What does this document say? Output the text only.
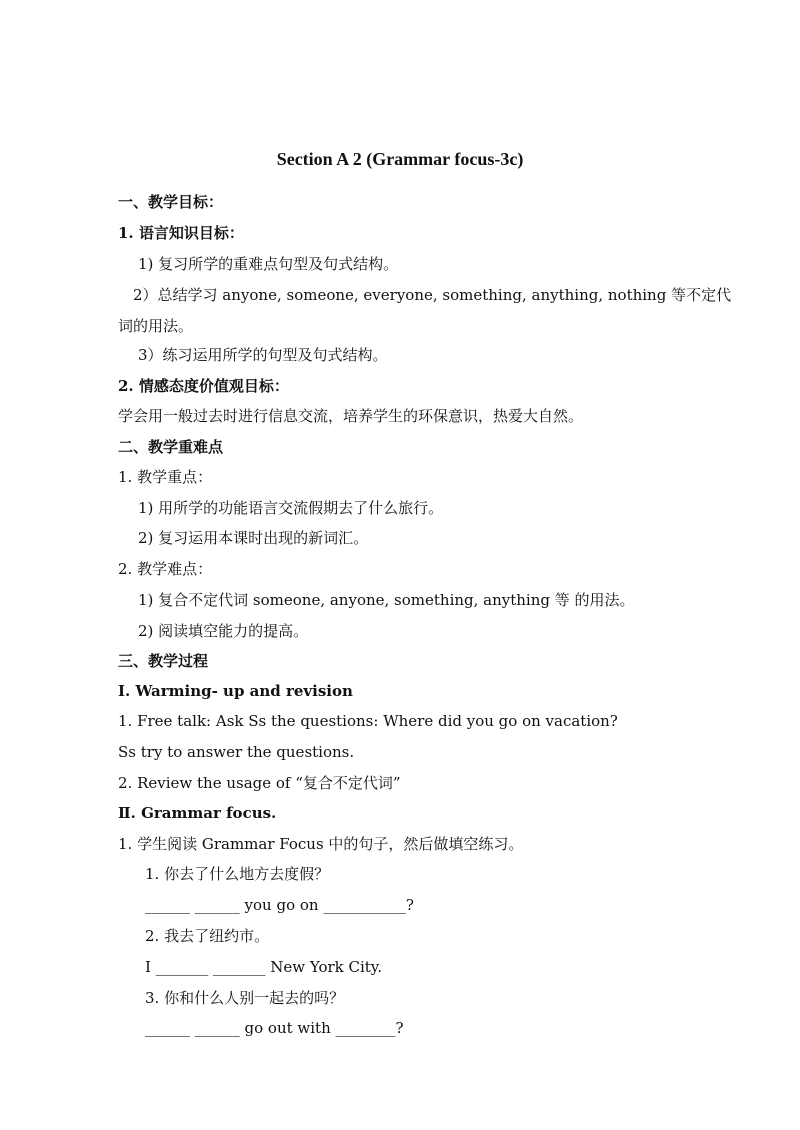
Section A 2 (Grammar focus-3c)
一、教学目标：
1. 语言知识目标：
1) 复习所学的重难点句型及句式结构。
2）总结学习 anyone, someone, everyone, something, anything, nothing 等不定代
词的用法。
3）练习运用所学的句型及句式结构。
2. 情感态度价值观目标：
学会用一般过去时进行信息交流，培养学生的环保意识，热爱大自然。
二、教学重难点
1. 教学重点：
1) 用所学的功能语言交流假期去了什么旅行。
2) 复习运用本课时出现的新词汇。
2. 教学难点：
1) 复合不定代词 someone, anyone, something, anything 等 的用法。
2) 阅读填空能力的提高。
三、教学过程
Ⅰ. Warming- up and revision
1. Free talk: Ask Ss the questions: Where did you go on vacation?
Ss try to answer the questions.
2. Review the usage of “复合不定代词”
Ⅱ. Grammar focus.
1. 学生阅读 Grammar Focus 中的句子，然后做填空练习。
1. 你去了什么地方去度假？
______ ______ you go on ___________?
2. 我去了纽约市。
I _______ _______ New York City.
3. 你和什么人别一起去的吗？
______ ______ go out with ________?
